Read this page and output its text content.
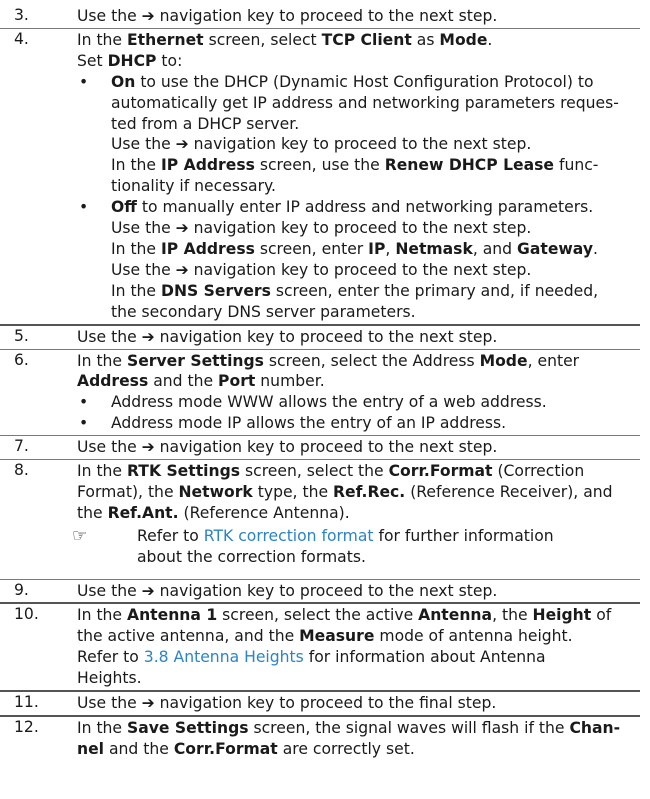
3.	Use the ➔ navigation key to proceed to the next step.
4.	In the Ethernet screen, select TCP Client as Mode.
Set DHCP to:
•	On to use the DHCP (Dynamic Host Configuration Protocol) to
automatically get IP address and networking parameters reques-
ted from a DHCP server.
Use the ➔ navigation key to proceed to the next step.
In the IP Address screen, use the Renew DHCP Lease func-
tionality if necessary.
•	Off to manually enter IP address and networking parameters.
Use the ➔ navigation key to proceed to the next step.
In the IP Address screen, enter IP, Netmask, and Gateway.
Use the ➔ navigation key to proceed to the next step.
In the DNS Servers screen, enter the primary and, if needed,
the secondary DNS server parameters.
5.	Use the ➔ navigation key to proceed to the next step.
6.	In the Server Settings screen, select the Address Mode, enter
Address and the Port number.
•	Address mode WWW allows the entry of a web address.
•	Address mode IP allows the entry of an IP address.
7.	Use the ➔ navigation key to proceed to the next step.
8.	In the RTK Settings screen, select the Corr.Format (Correction
Format), the Network type, the Ref.Rec. (Reference Receiver), and
the Ref.Ant. (Reference Antenna).
☞	Refer to RTK correction format for further information
about the correction formats.
9.	Use the ➔ navigation key to proceed to the next step.
10. In the Antenna 1 screen, select the active Antenna, the Height of
the active antenna, and the Measure mode of antenna height.
Refer to 3.8 Antenna Heights for information about Antenna
Heights.
11. Use the ➔ navigation key to proceed to the final step.
12. In the Save Settings screen, the signal waves will flash if the Chan-
nel and the Corr.Format are correctly set.
